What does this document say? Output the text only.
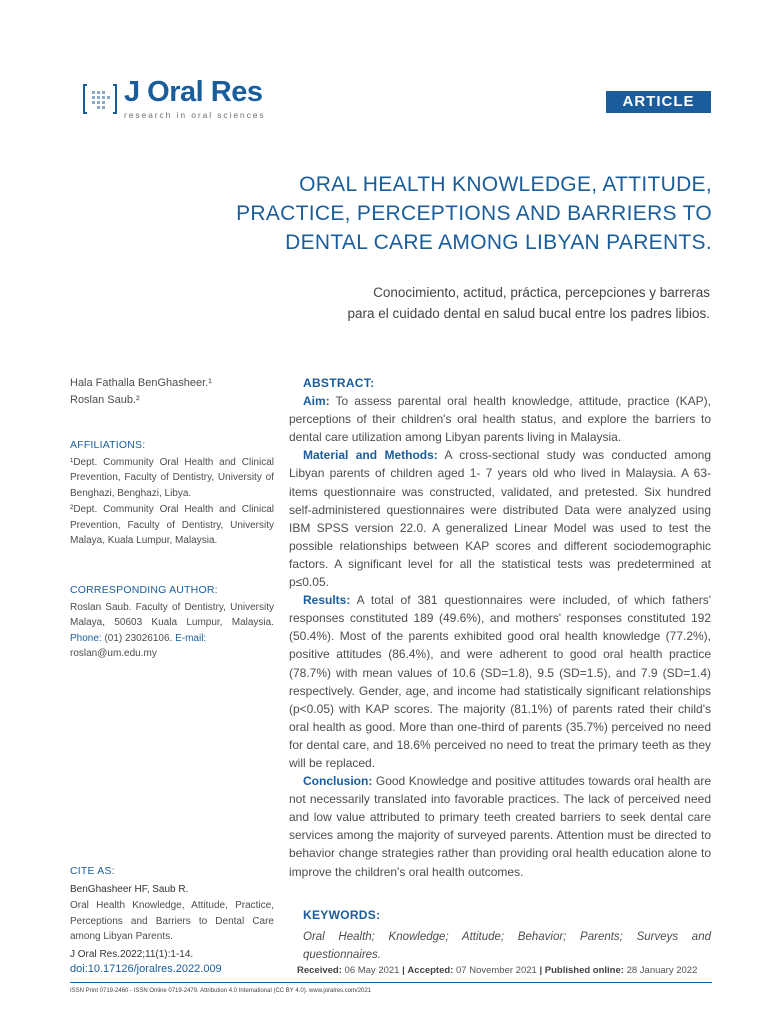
J Oral Res
research in oral sciences
ARTICLE
ORAL HEALTH KNOWLEDGE, ATTITUDE,
PRACTICE, PERCEPTIONS AND BARRIERS TO
DENTAL CARE AMONG LIBYAN PARENTS.
Conocimiento, actitud, práctica, percepciones y barreras
para el cuidado dental en salud bucal entre los padres libios.
Hala Fathalla BenGhasheer.¹
Roslan Saub.²
AFFILIATIONS:
¹Dept. Community Oral Health and Clinical Prevention, Faculty of Dentistry, University of Benghazi, Benghazi, Libya.
²Dept. Community Oral Health and Clinical Prevention, Faculty of Dentistry, University Malaya, Kuala Lumpur, Malaysia.
CORRESPONDING AUTHOR:
Roslan Saub. Faculty of Dentistry, University Malaya, 50603 Kuala Lumpur, Malaysia. Phone: (01) 23026106. E-mail:
roslan@um.edu.my
CITE AS:
BenGhasheer HF, Saub R.
Oral Health Knowledge, Attitude, Practice, Perceptions and Barriers to Dental Care among Libyan Parents.
J Oral Res.2022;11(1):1-14.
doi:10.17126/joralres.2022.009
ABSTRACT:

Aim: To assess parental oral health knowledge, attitude, practice (KAP), perceptions of their children's oral health status, and explore the barriers to dental care utilization among Libyan parents living in Malaysia.

Material and Methods: A cross-sectional study was conducted among Libyan parents of children aged 1- 7 years old who lived in Malaysia. A 63-items questionnaire was constructed, validated, and pretested. Six hundred self-administered questionnaires were distributed Data were analyzed using IBM SPSS version 22.0. A generalized Linear Model was used to test the possible relationships between KAP scores and different sociodemographic factors. A significant level for all the statistical tests was predetermined at p≤0.05.

Results: A total of 381 questionnaires were included, of which fathers' responses constituted 189 (49.6%), and mothers' responses constituted 192 (50.4%). Most of the parents exhibited good oral health knowledge (77.2%), positive attitudes (86.4%), and were adherent to good oral health practice (78.7%) with mean values of 10.6 (SD=1.8), 9.5 (SD=1.5), and 7.9 (SD=1.4) respectively. Gender, age, and income had statistically significant relationships (p<0.05) with KAP scores. The majority (81.1%) of parents rated their child's oral health as good. More than one-third of parents (35.7%) perceived no need for dental care, and 18.6% perceived no need to treat the primary teeth as they will be replaced.

Conclusion: Good Knowledge and positive attitudes towards oral health are not necessarily translated into favorable practices. The lack of perceived need and low value attributed to primary teeth created barriers to seek dental care services among the majority of surveyed parents. Attention must be directed to behavior change strategies rather than providing oral health education alone to improve the children's oral health outcomes.

KEYWORDS:
Oral Health; Knowledge; Attitude; Behavior; Parents; Surveys and questionnaires.
Received: 06 May 2021 | Accepted: 07 November 2021 | Published online: 28 January 2022
ISSN Print 0719-2460 - ISSN Online 0719-2479. Attribution 4.0 International (CC BY 4.0). www.joralres.com/2021
